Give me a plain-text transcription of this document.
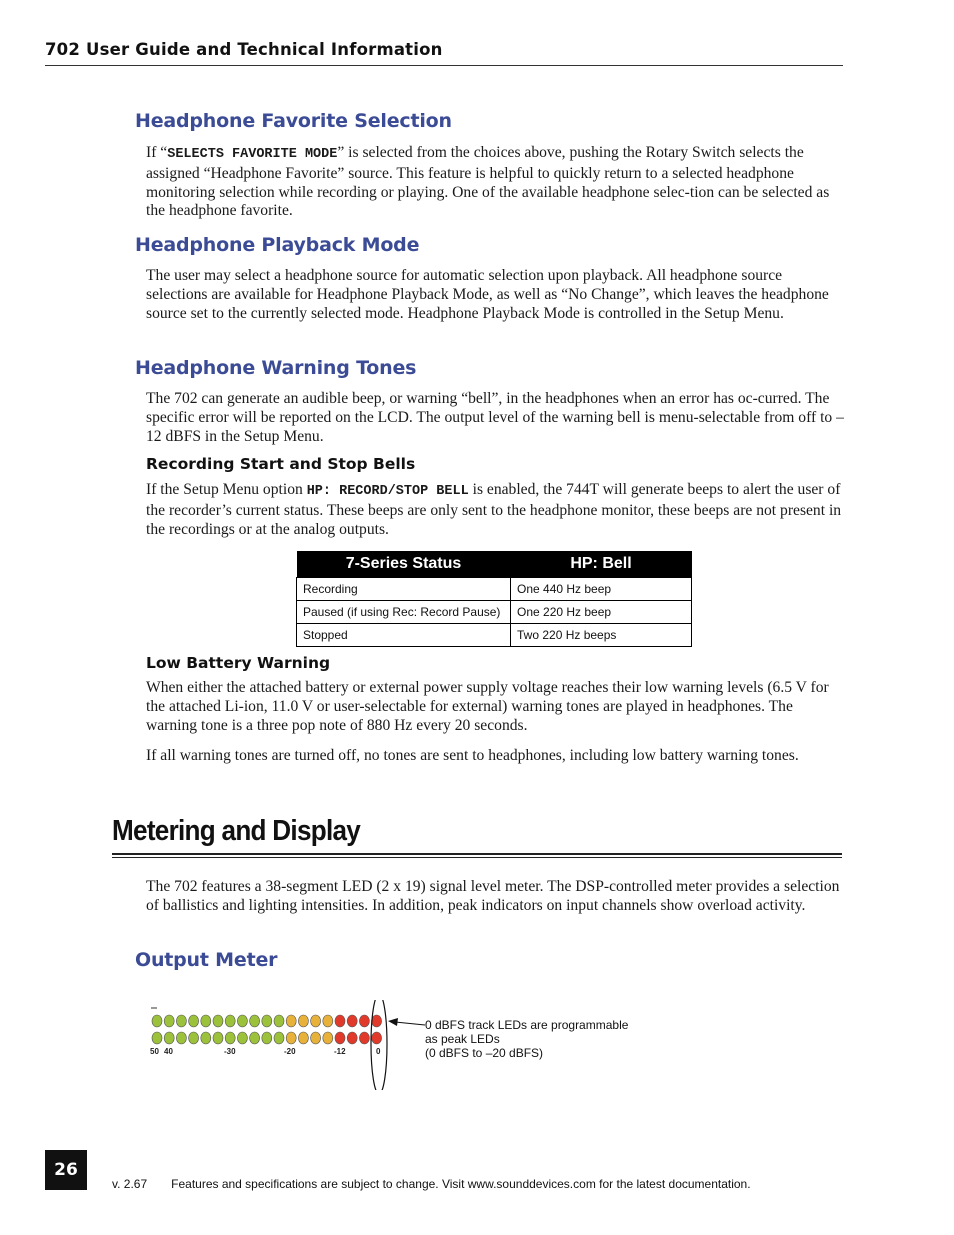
702 User Guide and Technical Information
Headphone Favorite Selection

If “SELECTS FAVORITE MODE” is selected from the choices above, pushing the Rotary Switch selects the assigned “Headphone Favorite” source. This feature is helpful to quickly return to a selected headphone monitoring selection while recording or playing. One of the available headphone selec-tion can be selected as the headphone favorite.

Headphone Playback Mode

The user may select a headphone source for automatic selection upon playback. All headphone source selections are available for Headphone Playback Mode, as well as “No Change”, which leaves the headphone source set to the currently selected mode. Headphone Playback Mode is controlled in the Setup Menu.

Headphone Warning Tones

The 702 can generate an audible beep, or warning “bell”, in the headphones when an error has oc-curred. The specific error will be reported on the LCD. The output level of the warning bell is menu-selectable from off to –12 dBFS in the Setup Menu.

Recording Start and Stop Bells

If the Setup Menu option HP: RECORD/STOP BELL is enabled, the 744T will generate beeps to alert the user of the recorder’s current status. These beeps are only sent to the headphone monitor, these beeps are not present in the recordings or at the analog outputs.

7-Series Status	HP: Bell
Recording	One 440 Hz beep
Paused (if using Rec: Record Pause)	One 220 Hz beep
Stopped	Two 220 Hz beeps
Low Battery Warning

When either the attached battery or external power supply voltage reaches their low warning levels (6.5 V for the attached Li-ion, 11.0 V or user-selectable for external) warning tones are played in headphones. The warning tone is a three pop note of 880 Hz every 20 seconds.

If all warning tones are turned off, no tones are sent to headphones, including low battery warning tones.

Metering and Display

The 702 features a 38-segment LED (2 x 19) signal level meter. The DSP-controlled meter provides a selection of ballistics and lighting intensities. In addition, peak indicators on input channels show overload activity.

Output Meter
50 40	-30	-20	-12	0
0 dBFS track LEDs are programmable
as peak LEDs
(0 dBFS to –20 dBFS)
26
v. 2.67 Features and specifications are subject to change. Visit www.sounddevices.com for the latest documentation.
